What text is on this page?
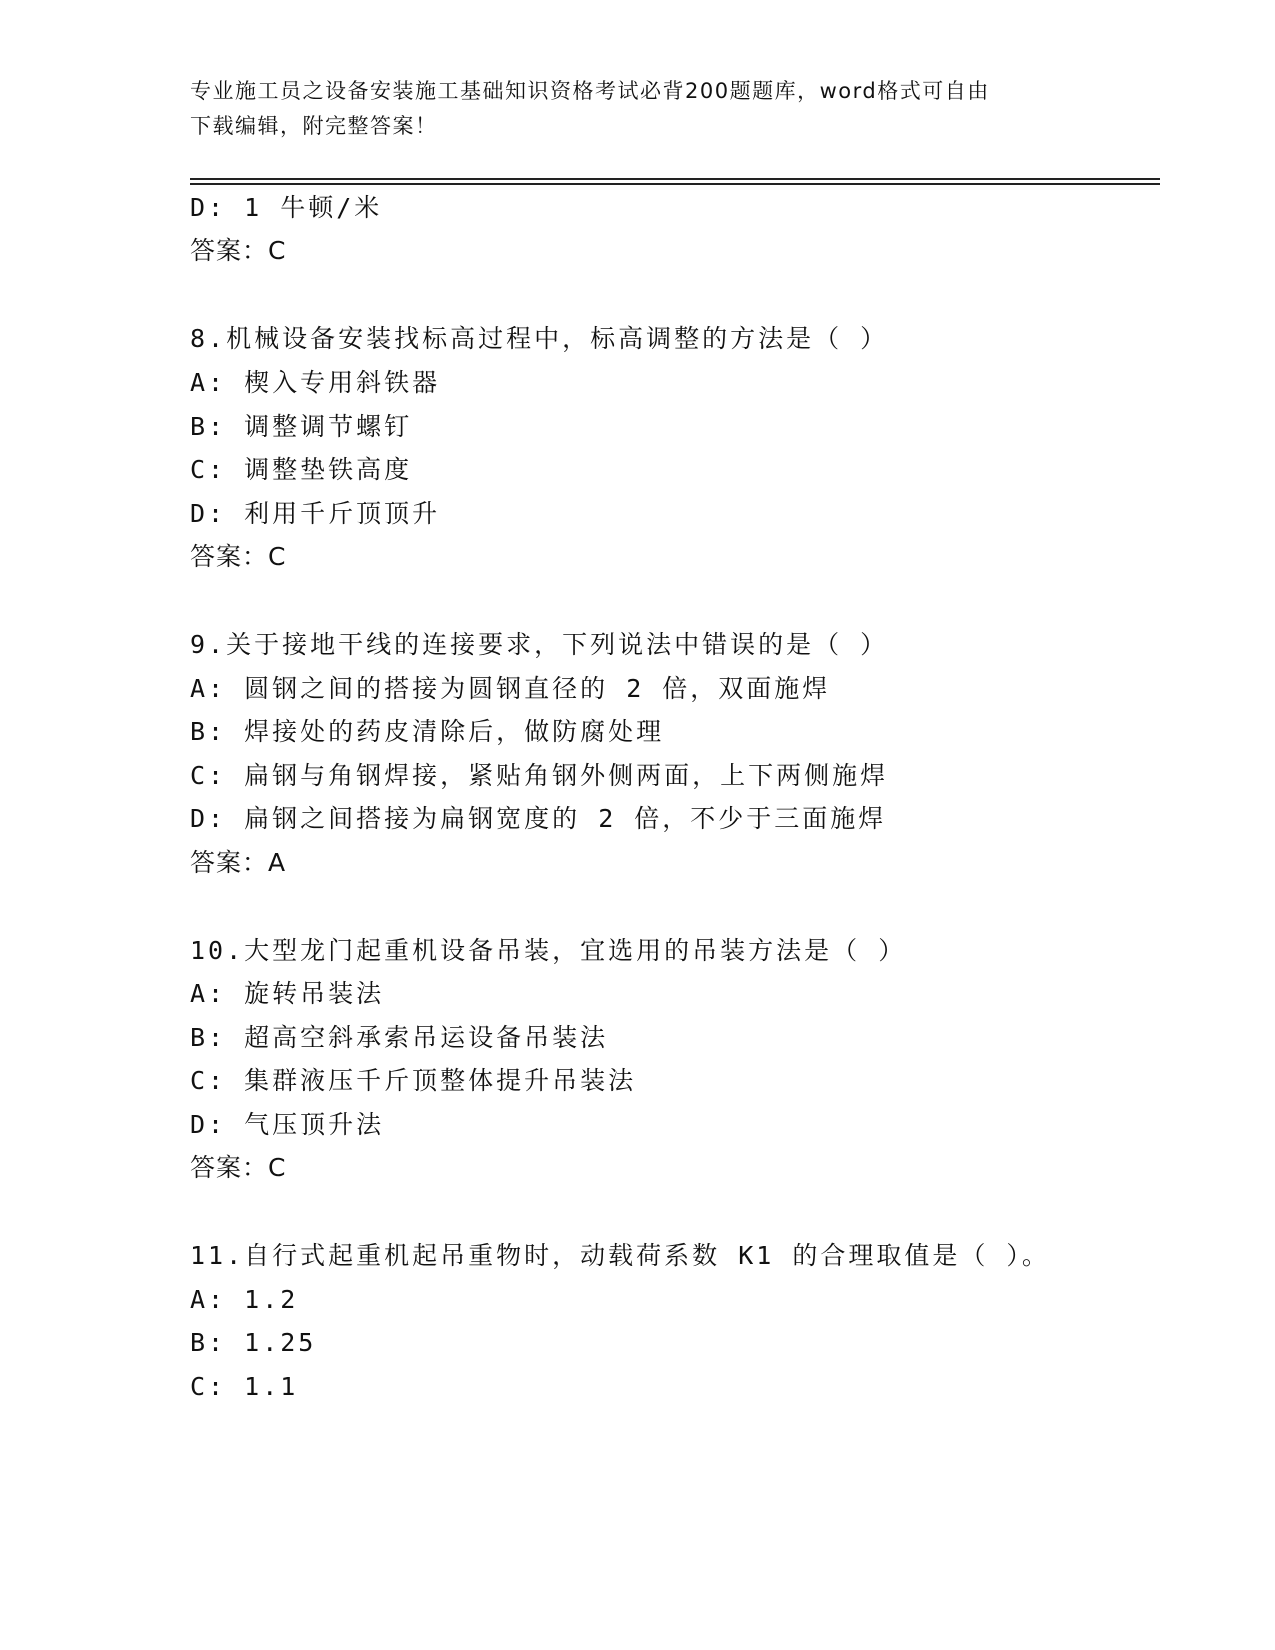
专业施工员之设备安装施工基础知识资格考试必背200题题库，word格式可自由
下载编辑，附完整答案！
D: 1 牛顿/米
答案：C
8.机械设备安装找标高过程中，标高调整的方法是（ ）
A: 楔入专用斜铁器
B: 调整调节螺钉
C: 调整垫铁高度
D: 利用千斤顶顶升
答案：C
9.关于接地干线的连接要求，下列说法中错误的是（ ）
A: 圆钢之间的搭接为圆钢直径的 2 倍，双面施焊
B: 焊接处的药皮清除后，做防腐处理
C: 扁钢与角钢焊接，紧贴角钢外侧两面，上下两侧施焊
D: 扁钢之间搭接为扁钢宽度的 2 倍，不少于三面施焊
答案：A
10.大型龙门起重机设备吊装，宜选用的吊装方法是（ ）
A: 旋转吊装法
B: 超高空斜承索吊运设备吊装法
C: 集群液压千斤顶整体提升吊装法
D: 气压顶升法
答案：C
11.自行式起重机起吊重物时，动载荷系数 K1 的合理取值是（ ）。
A: 1.2
B: 1.25
C: 1.1
